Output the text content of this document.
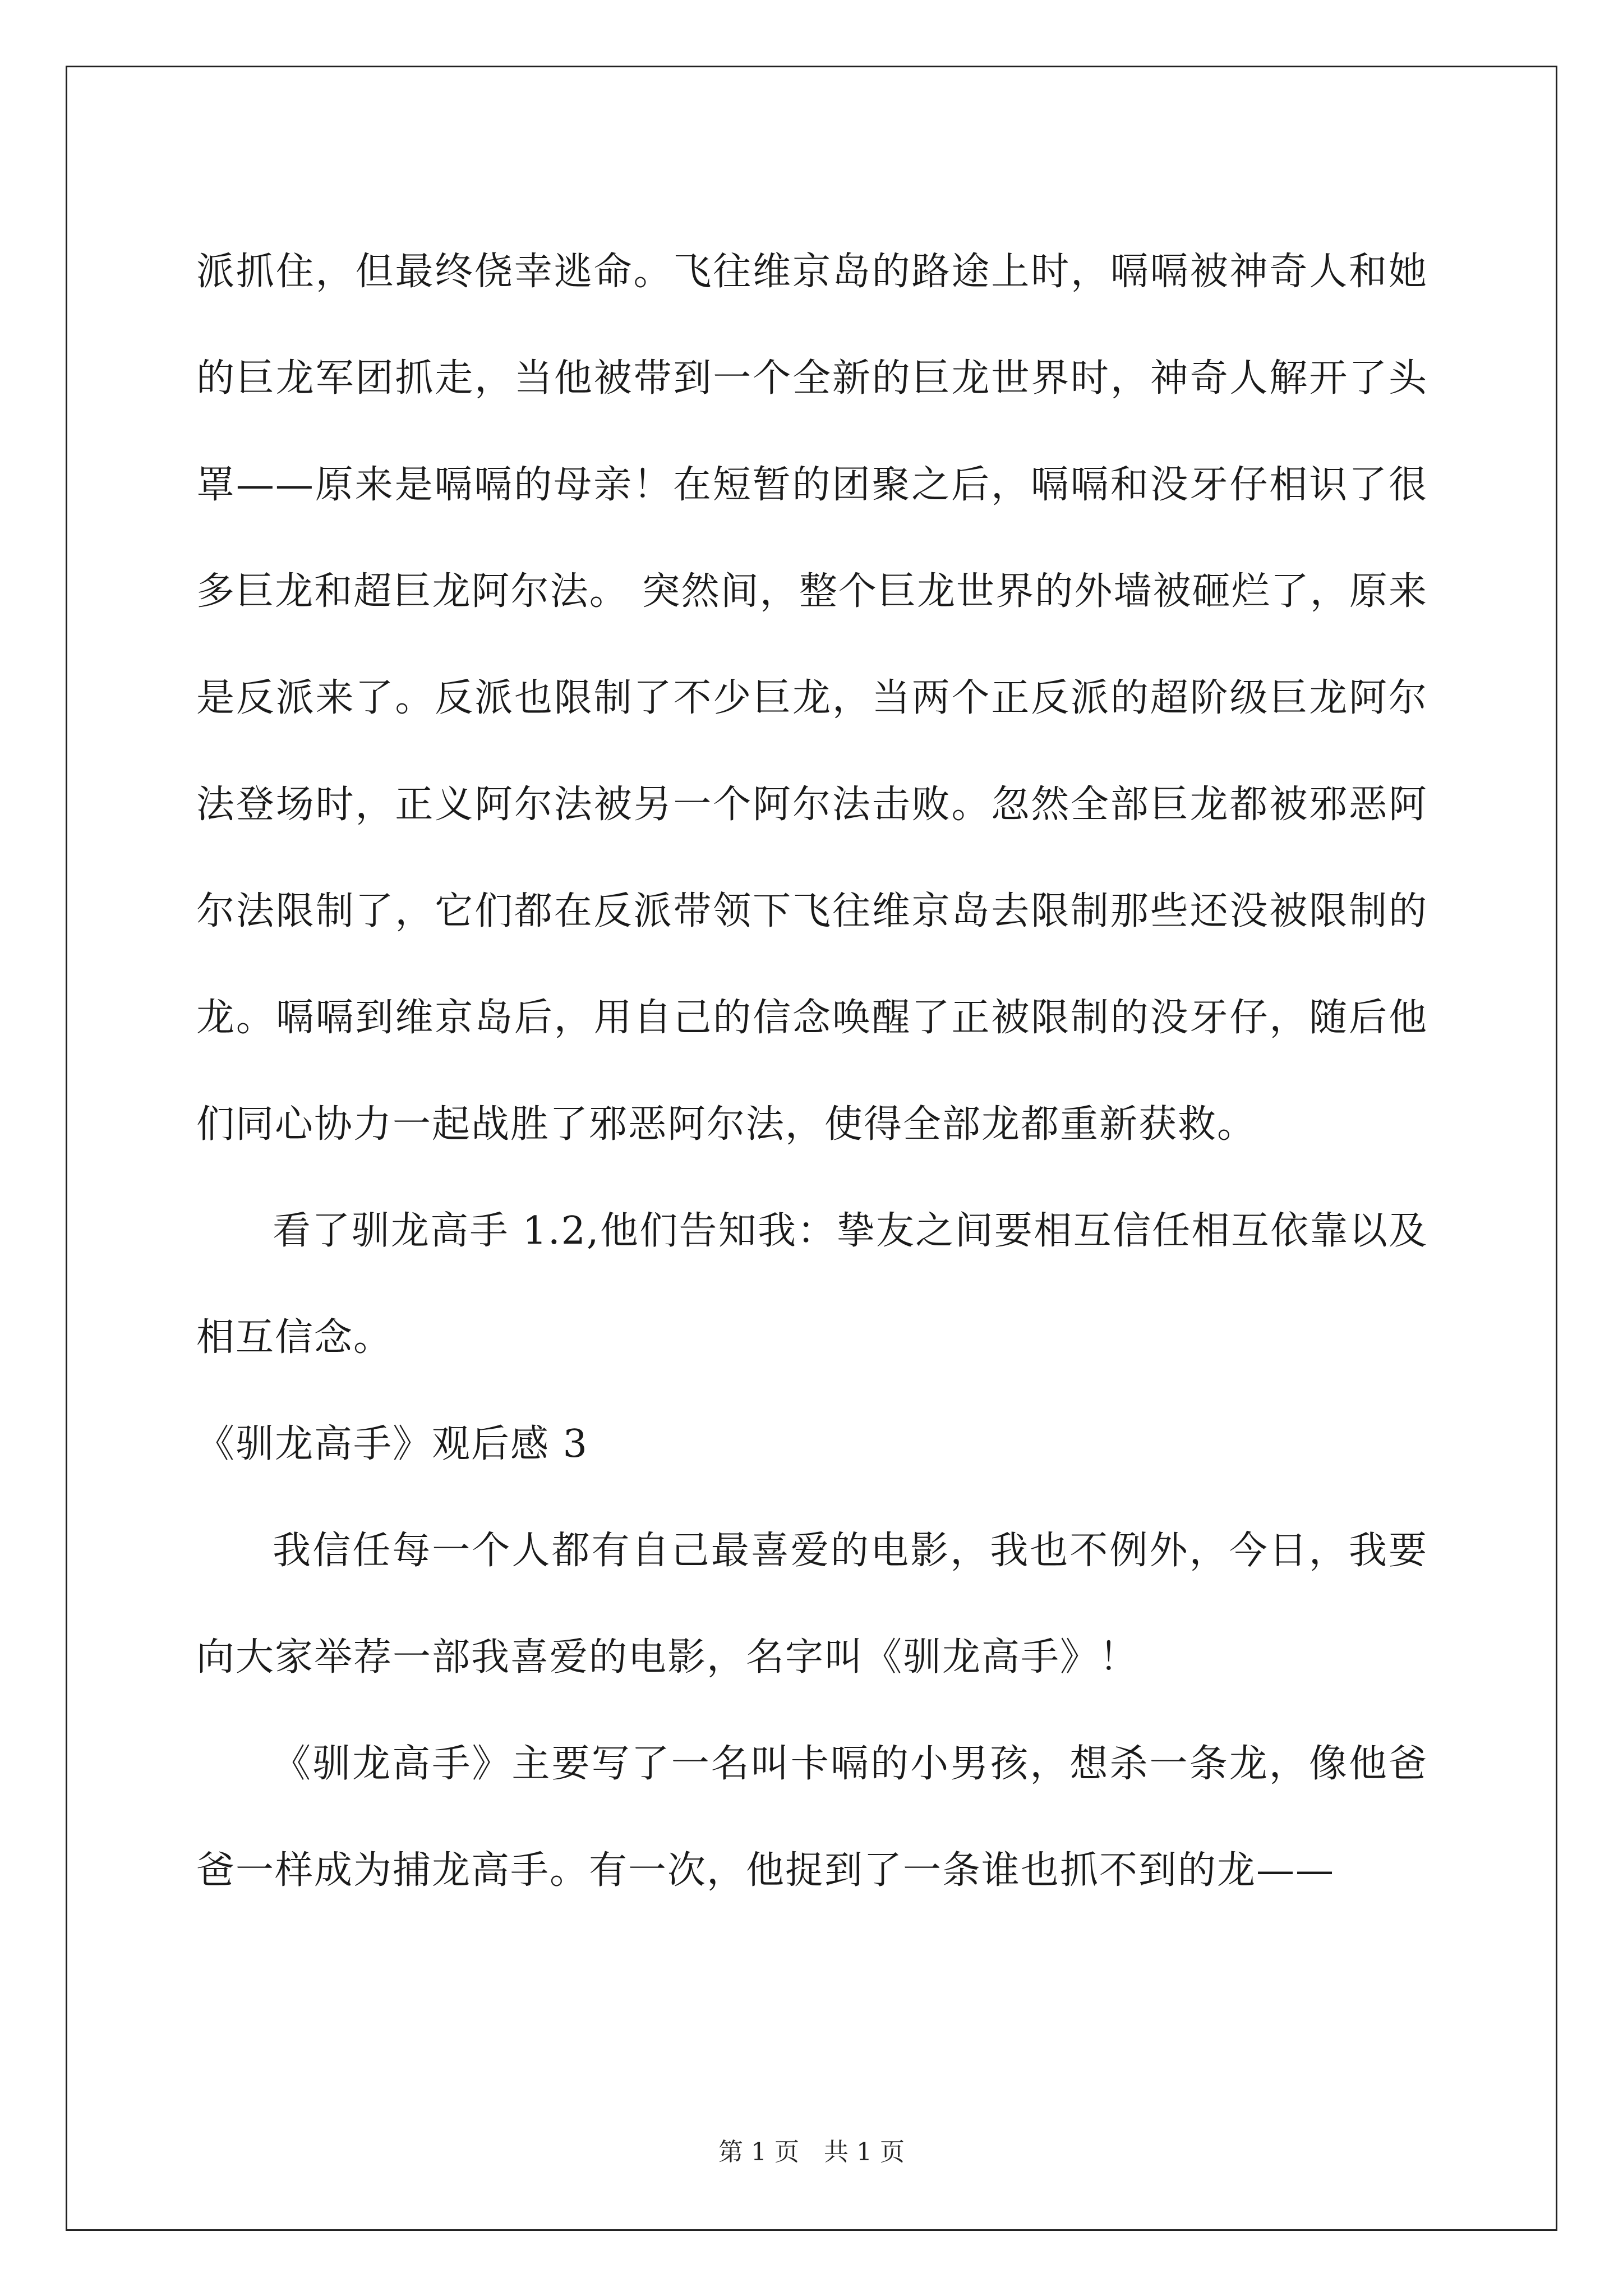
派抓住，但最终侥幸逃命。飞往维京岛的路途上时，嗝嗝被神奇人和她的巨龙军团抓走，当他被带到一个全新的巨龙世界时，神奇人解开了头罩——原来是嗝嗝的母亲！在短暂的团聚之后，嗝嗝和没牙仔相识了很多巨龙和超巨龙阿尔法。 突然间，整个巨龙世界的外墙被砸烂了，原来是反派来了。反派也限制了不少巨龙，当两个正反派的超阶级巨龙阿尔法登场时，正义阿尔法被另一个阿尔法击败。忽然全部巨龙都被邪恶阿尔法限制了，它们都在反派带领下飞往维京岛去限制那些还没被限制的龙。嗝嗝到维京岛后，用自己的信念唤醒了正被限制的没牙仔，随后他们同心协力一起战胜了邪恶阿尔法，使得全部龙都重新获救。

看了驯龙高手 1.2,他们告知我：挚友之间要相互信任相互依靠以及相互信念。

《驯龙高手》观后感 3

我信任每一个人都有自己最喜爱的电影，我也不例外，今日，我要向大家举荐一部我喜爱的电影，名字叫《驯龙高手》！

《驯龙高手》主要写了一名叫卡嗝的小男孩，想杀一条龙，像他爸爸一样成为捕龙高手。有一次，他捉到了一条谁也抓不到的龙——

第 1 页　共 1 页
